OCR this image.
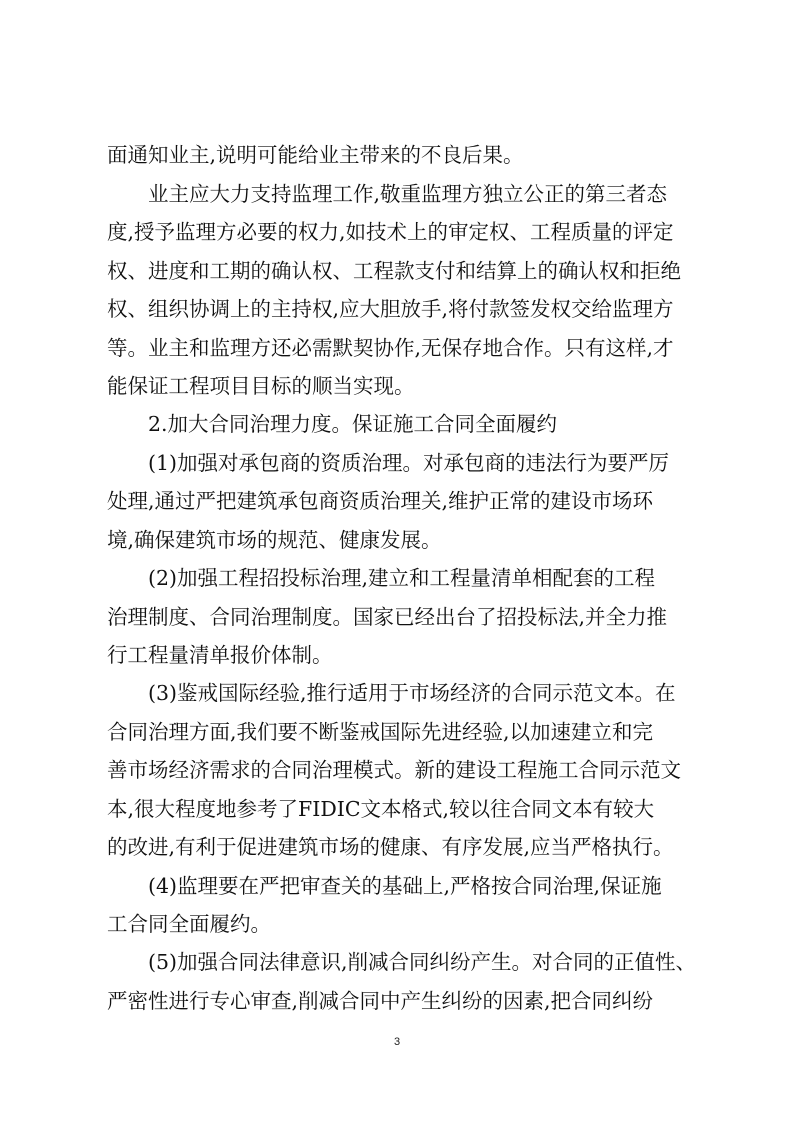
面通知业主,说明可能给业主带来的不良后果。
业主应大力支持监理工作,敬重监理方独立公正的第三者态
度,授予监理方必要的权力,如技术上的审定权、工程质量的评定
权、进度和工期的确认权、工程款支付和结算上的确认权和拒绝
权、组织协调上的主持权,应大胆放手,将付款签发权交给监理方
等。业主和监理方还必需默契协作,无保存地合作。只有这样,才
能保证工程项目目标的顺当实现。
2.加大合同治理力度。保证施工合同全面履约
(1)加强对承包商的资质治理。对承包商的违法行为要严厉
处理,通过严把建筑承包商资质治理关,维护正常的建设市场环
境,确保建筑市场的规范、健康发展。
(2)加强工程招投标治理,建立和工程量清单相配套的工程
治理制度、合同治理制度。国家已经出台了招投标法,并全力推
行工程量清单报价体制。
(3)鉴戒国际经验,推行适用于市场经济的合同示范文本。在
合同治理方面,我们要不断鉴戒国际先进经验,以加速建立和完
善市场经济需求的合同治理模式。新的建设工程施工合同示范文
本,很大程度地参考了FIDIC文本格式,较以往合同文本有较大
的改进,有利于促进建筑市场的健康、有序发展,应当严格执行。
(4)监理要在严把审查关的基础上,严格按合同治理,保证施
工合同全面履约。
(5)加强合同法律意识,削减合同纠纷产生。对合同的正值性、
严密性进行专心审查,削减合同中产生纠纷的因素,把合同纠纷
3
